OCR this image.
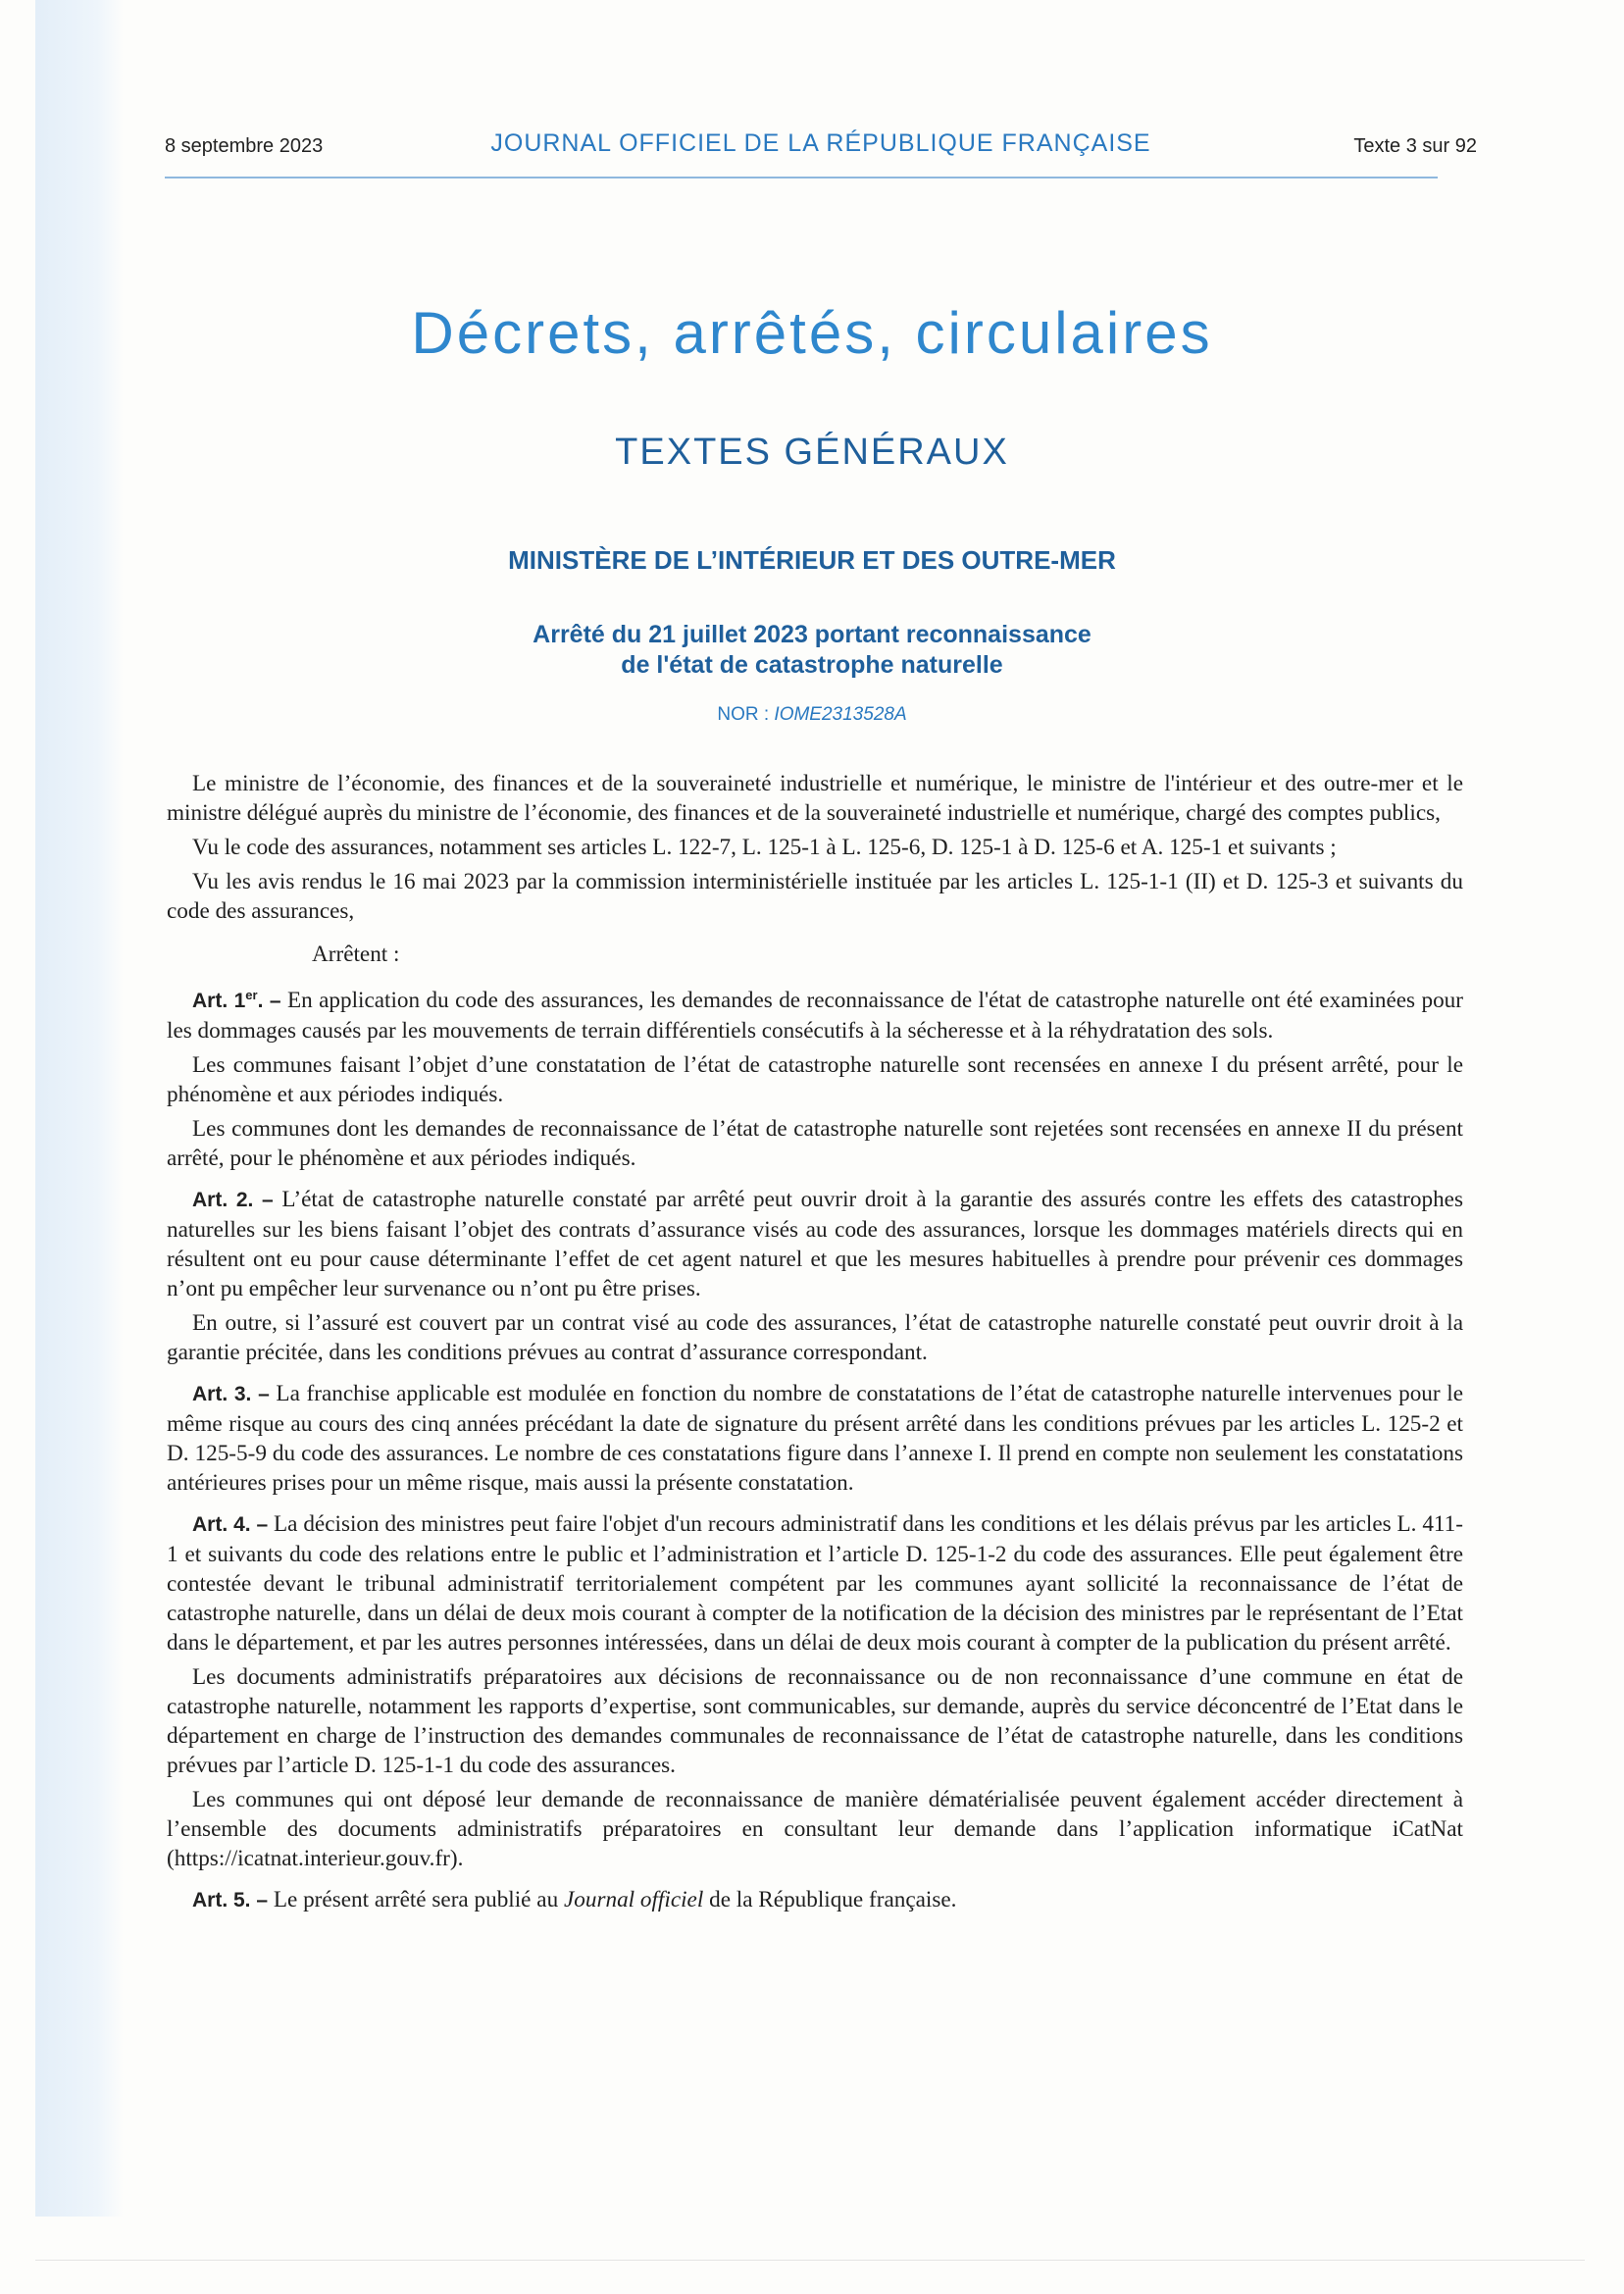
8 septembre 2023	JOURNAL OFFICIEL DE LA RÉPUBLIQUE FRANÇAISE	Texte 3 sur 92
Décrets, arrêtés, circulaires
TEXTES GÉNÉRAUX
MINISTÈRE DE L’INTÉRIEUR ET DES OUTRE-MER
Arrêté du 21 juillet 2023 portant reconnaissance
de l'état de catastrophe naturelle
NOR : IOME2313528A

Le ministre de l’économie, des finances et de la souveraineté industrielle et numérique, le ministre de l'intérieur et des outre-mer et le ministre délégué auprès du ministre de l’économie, des finances et de la souveraineté industrielle et numérique, chargé des comptes publics,

Vu le code des assurances, notamment ses articles L. 122-7, L. 125-1 à L. 125-6, D. 125-1 à D. 125-6 et A. 125-1 et suivants ;

Vu les avis rendus le 16 mai 2023 par la commission interministérielle instituée par les articles L. 125-1-1 (II) et D. 125-3 et suivants du code des assurances,

Arrêtent :

Art. 1er. – En application du code des assurances, les demandes de reconnaissance de l'état de catastrophe naturelle ont été examinées pour les dommages causés par les mouvements de terrain différentiels consécutifs à la sécheresse et à la réhydratation des sols.

Les communes faisant l’objet d’une constatation de l’état de catastrophe naturelle sont recensées en annexe I du présent arrêté, pour le phénomène et aux périodes indiqués.

Les communes dont les demandes de reconnaissance de l’état de catastrophe naturelle sont rejetées sont recensées en annexe II du présent arrêté, pour le phénomène et aux périodes indiqués.

Art. 2. – L’état de catastrophe naturelle constaté par arrêté peut ouvrir droit à la garantie des assurés contre les effets des catastrophes naturelles sur les biens faisant l’objet des contrats d’assurance visés au code des assurances, lorsque les dommages matériels directs qui en résultent ont eu pour cause déterminante l’effet de cet agent naturel et que les mesures habituelles à prendre pour prévenir ces dommages n’ont pu empêcher leur survenance ou n’ont pu être prises.

En outre, si l’assuré est couvert par un contrat visé au code des assurances, l’état de catastrophe naturelle constaté peut ouvrir droit à la garantie précitée, dans les conditions prévues au contrat d’assurance correspondant.

Art. 3. – La franchise applicable est modulée en fonction du nombre de constatations de l’état de catastrophe naturelle intervenues pour le même risque au cours des cinq années précédant la date de signature du présent arrêté dans les conditions prévues par les articles L. 125-2 et D. 125-5-9 du code des assurances. Le nombre de ces constatations figure dans l’annexe I. Il prend en compte non seulement les constatations antérieures prises pour un même risque, mais aussi la présente constatation.

Art. 4. – La décision des ministres peut faire l'objet d'un recours administratif dans les conditions et les délais prévus par les articles L. 411-1 et suivants du code des relations entre le public et l’administration et l’article D. 125-1-2 du code des assurances. Elle peut également être contestée devant le tribunal administratif territorialement compétent par les communes ayant sollicité la reconnaissance de l’état de catastrophe naturelle, dans un délai de deux mois courant à compter de la notification de la décision des ministres par le représentant de l’Etat dans le département, et par les autres personnes intéressées, dans un délai de deux mois courant à compter de la publication du présent arrêté.

Les documents administratifs préparatoires aux décisions de reconnaissance ou de non reconnaissance d’une commune en état de catastrophe naturelle, notamment les rapports d’expertise, sont communicables, sur demande, auprès du service déconcentré de l’Etat dans le département en charge de l’instruction des demandes communales de reconnaissance de l’état de catastrophe naturelle, dans les conditions prévues par l’article D. 125-1-1 du code des assurances.

Les communes qui ont déposé leur demande de reconnaissance de manière dématérialisée peuvent également accéder directement à l’ensemble des documents administratifs préparatoires en consultant leur demande dans l’application informatique iCatNat (https://icatnat.interieur.gouv.fr).

Art. 5. – Le présent arrêté sera publié au Journal officiel de la République française.
